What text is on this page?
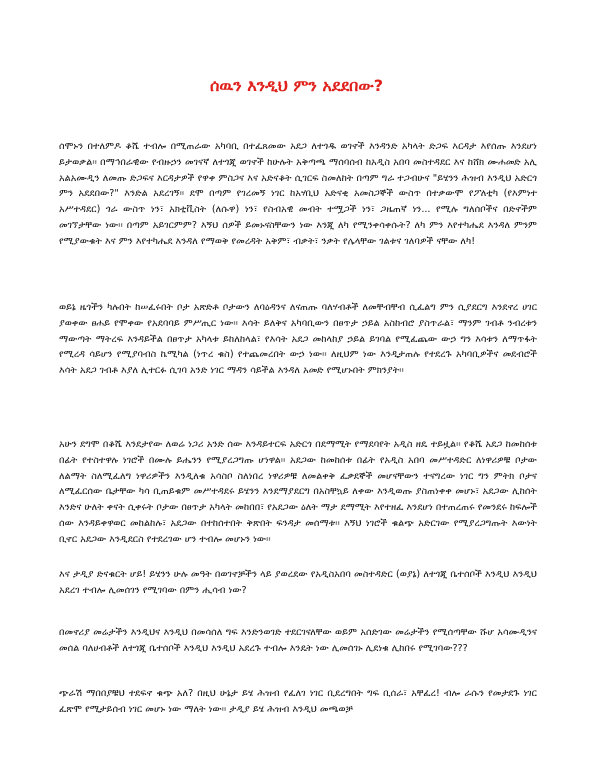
ሰዉን እንዲህ ምን አደደበው?

ሰሞኑን በተለምዶ ቆሼ ተብሎ በሚጠራው አካባቢ በተፈጸመው አደጋ ለተጎዱ ወገኖች እንዳንድ አካላት ድጋፍ እርዳታ እየሰጡ እንደሆነ ይታወቃል፡፡ በማኅበራዊው የብዙኃን መገናኛ ለተጎጂ ወገኖች ከሁሉት አቅጣጫ ማሰባሰብ ከአዲስ አበባ መስተዳደር እና ከሸክ ሙሐመድ አሊ አልአሙዲን ለመጡ ድጋፍና እርዳታዎች የዋቀ ምስጋና እና አድናቆት ሲገርፍ ስመለከት በጣም ግራ ተጋብሁና "ይሄንን ሕዝብ እንዲህ አድርጎ ምን አደደበው?" እንድል አደረገኝ፡፡ ደሞ በጣም የገረመኝ ነገር ከአሃቢህ አድናቂ አመስጋኞች ውስጥ በተቃውሞ የፖለቲካ (የእምነተ አሥተዳደር) ጎራ ውስጥ ነን፣ አክቲቪስት (ለሱዋ) ነን፣ የስብአዊ መብት ተሟጋች ነን፣ ጋዜጠኛ ነን... የሚሉ ግለሰቦችና በድኖችም መገኘታቸው ነው፡፡ በጣም አይገርምም? እኝህ ሰዎች ይመኑናስቸውን ነው እንጂ ለካ የሚንቀሳቀሱት? ለካ ምን እየተካሔደ እንዳለ ምንም የሚያውቁት እና ምን እየተካሔደ እንዳለ የማወቅ የመረዳት አቅም፣ ብቃት፣ ንቃት የሌላቸው ገልቱና ገለባዎች ናቸው ለካ!

ወይኔ ዜጎችን ካሉበት ከሠፈሩበት ቦታ አጽድቶ ቦታውን ለባዕዳንና ለናጠጡ ባለሃብቶች ለመቸብቸብ ሲፈልግ ምን ሲያደርግ እንደኖረ ሀገር ያወቀው ፀሐይ የሞቀው የአደባባይ ምሥጢር ነው፡፡ እሳት ይለቅና አካባቢውን በፀጥታ ኃይል አስከብሮ ያስጥራል፣ ማንም ገብቶ ንብረቱን ማውጣት ማትረፍ እንዳይችል በፀጥታ አካላቱ ይከለከላል፣ የእሳት አደጋ መከላከያ ኃይል ይገባል የሚፈጨው ውኃ ግን እሳቱን ለማጥፋት የሚረዳ ሳይሆን የሚያባብስ ኬሚካል (ነጥረ ቁስ) የተጨመረበት ውኃ ነው፡፡ ለዚህም ነው እንዲታጠሉ የተደረጉ አካባቢዎችና መደብሮች እሳት አደጋ ገብቶ እያለ ሊተርፉ ሲገባ አንድ ነገር ማዳን ሳይችል እንዳለ አመድ የሚሆኑበት ምክንያት፡፡

አሁን ደግሞ በቆሼ እንደታየው ለወሬ ነጋሪ አንድ ሰው እንዳይተርፍ አድርጎ በደማሚት የማደባየት አዲስ ዘዴ ተይዟል፡፡ የቆሼ አደጋ ከመከሰቱ በፊት የተስተዋሉ ነገሮች በሙሉ ይሔንን የሚያረጋግጡ ሆነዋል፡፡ አደጋው ከመከሰቱ በፊት የአዲስ አበባ መሥተዳድር ለነዋሪዎቹ ቦታው ለልማት ስለሚፈለግ ነዋሪዎችን እንዲለቁ አሳስቦ ስለነበረ ነዋሪዎቹ ለመልቀቅ ፈቃደኞች መሆናቸውን ተናግረው ነገር ግን ምትክ ቦታና ለሚፈርሰው ቤታቸው ካሳ ቢጠይቁም መሥተዳደሩ ይሄንን እንደማያደርግ በአስቸኳይ ለቀው እንዲወጡ ያስጠነቀቀ መሆኑ፣ አደጋው ሊከሰት እንድና ሁለት ቀናት ሲቀሩት ቦታው በፀጥታ አካላት መከበበ፣ የአደጋው ዕለት ማታ ደማሚት እየተዘፈ እንደሆነ በተጠረጠሩ የመንደሩ ከፍሎች ሰው እንዳይቀዋወር መከልከሉ፣ አደጋው በተከሰተበት ቅጽበት ፍንዳታ መሰማቱ፡፡ እኝህ ነገሮች ቁልጭ አድርገው የሚያረጋግጡት እውነት ቢኖር አደጋው እንዲደርስ የተደረገው ሆን ተብሎ መሆኑን ነው፡፡

እና ታዲያ ድናቁርት ሆይ! ይሄንን ሁሉ መዓት በወገኖቻችን ላይ ያወረደው የአዲስአበባ መስተዳድር (ወያኔ) ለተጎጂ ቤተሰቦች እንዲህ እንዲህ አደረገ ተብሎ ሊመሰገን የሚገባው በምን ሒሳብ ነው?

በመኖሪያ መሬታችን እንዲህና እንዲህ በመሳሰለ ግፍ እንድንወገድ ተደርገናለቸው ወይም አሰድገው መሬታችን የሚሰጣቸው ሹሆ አሳሙዲንና መሰል ባለሀብቶች ለተጎጂ ቤተሰቦች እንዲህ እንዲህ አደረጉ ተብሎ እንዴት ነው ሊመሰገኑ ሊደነቁ ሊከበሩ የሚገባው???

ጭራሽ ማበበያቹህ ተደፍኖ ቁጭ አለ? በዚህ ሁኔታ ይሄ ሕዝብ የፈለገ ነገር ቢደረግበት ግፍ ቢሰራ፣ አቸፈረ! ብሎ ራሱን የመታደጉ ነገር ፈጽሞ የሚታይሰብ ነገር መሆኑ ነው ማለት ነው፡፡ ታዲያ ይሄ ሕዝብ እንዲህ መጫወቻ
